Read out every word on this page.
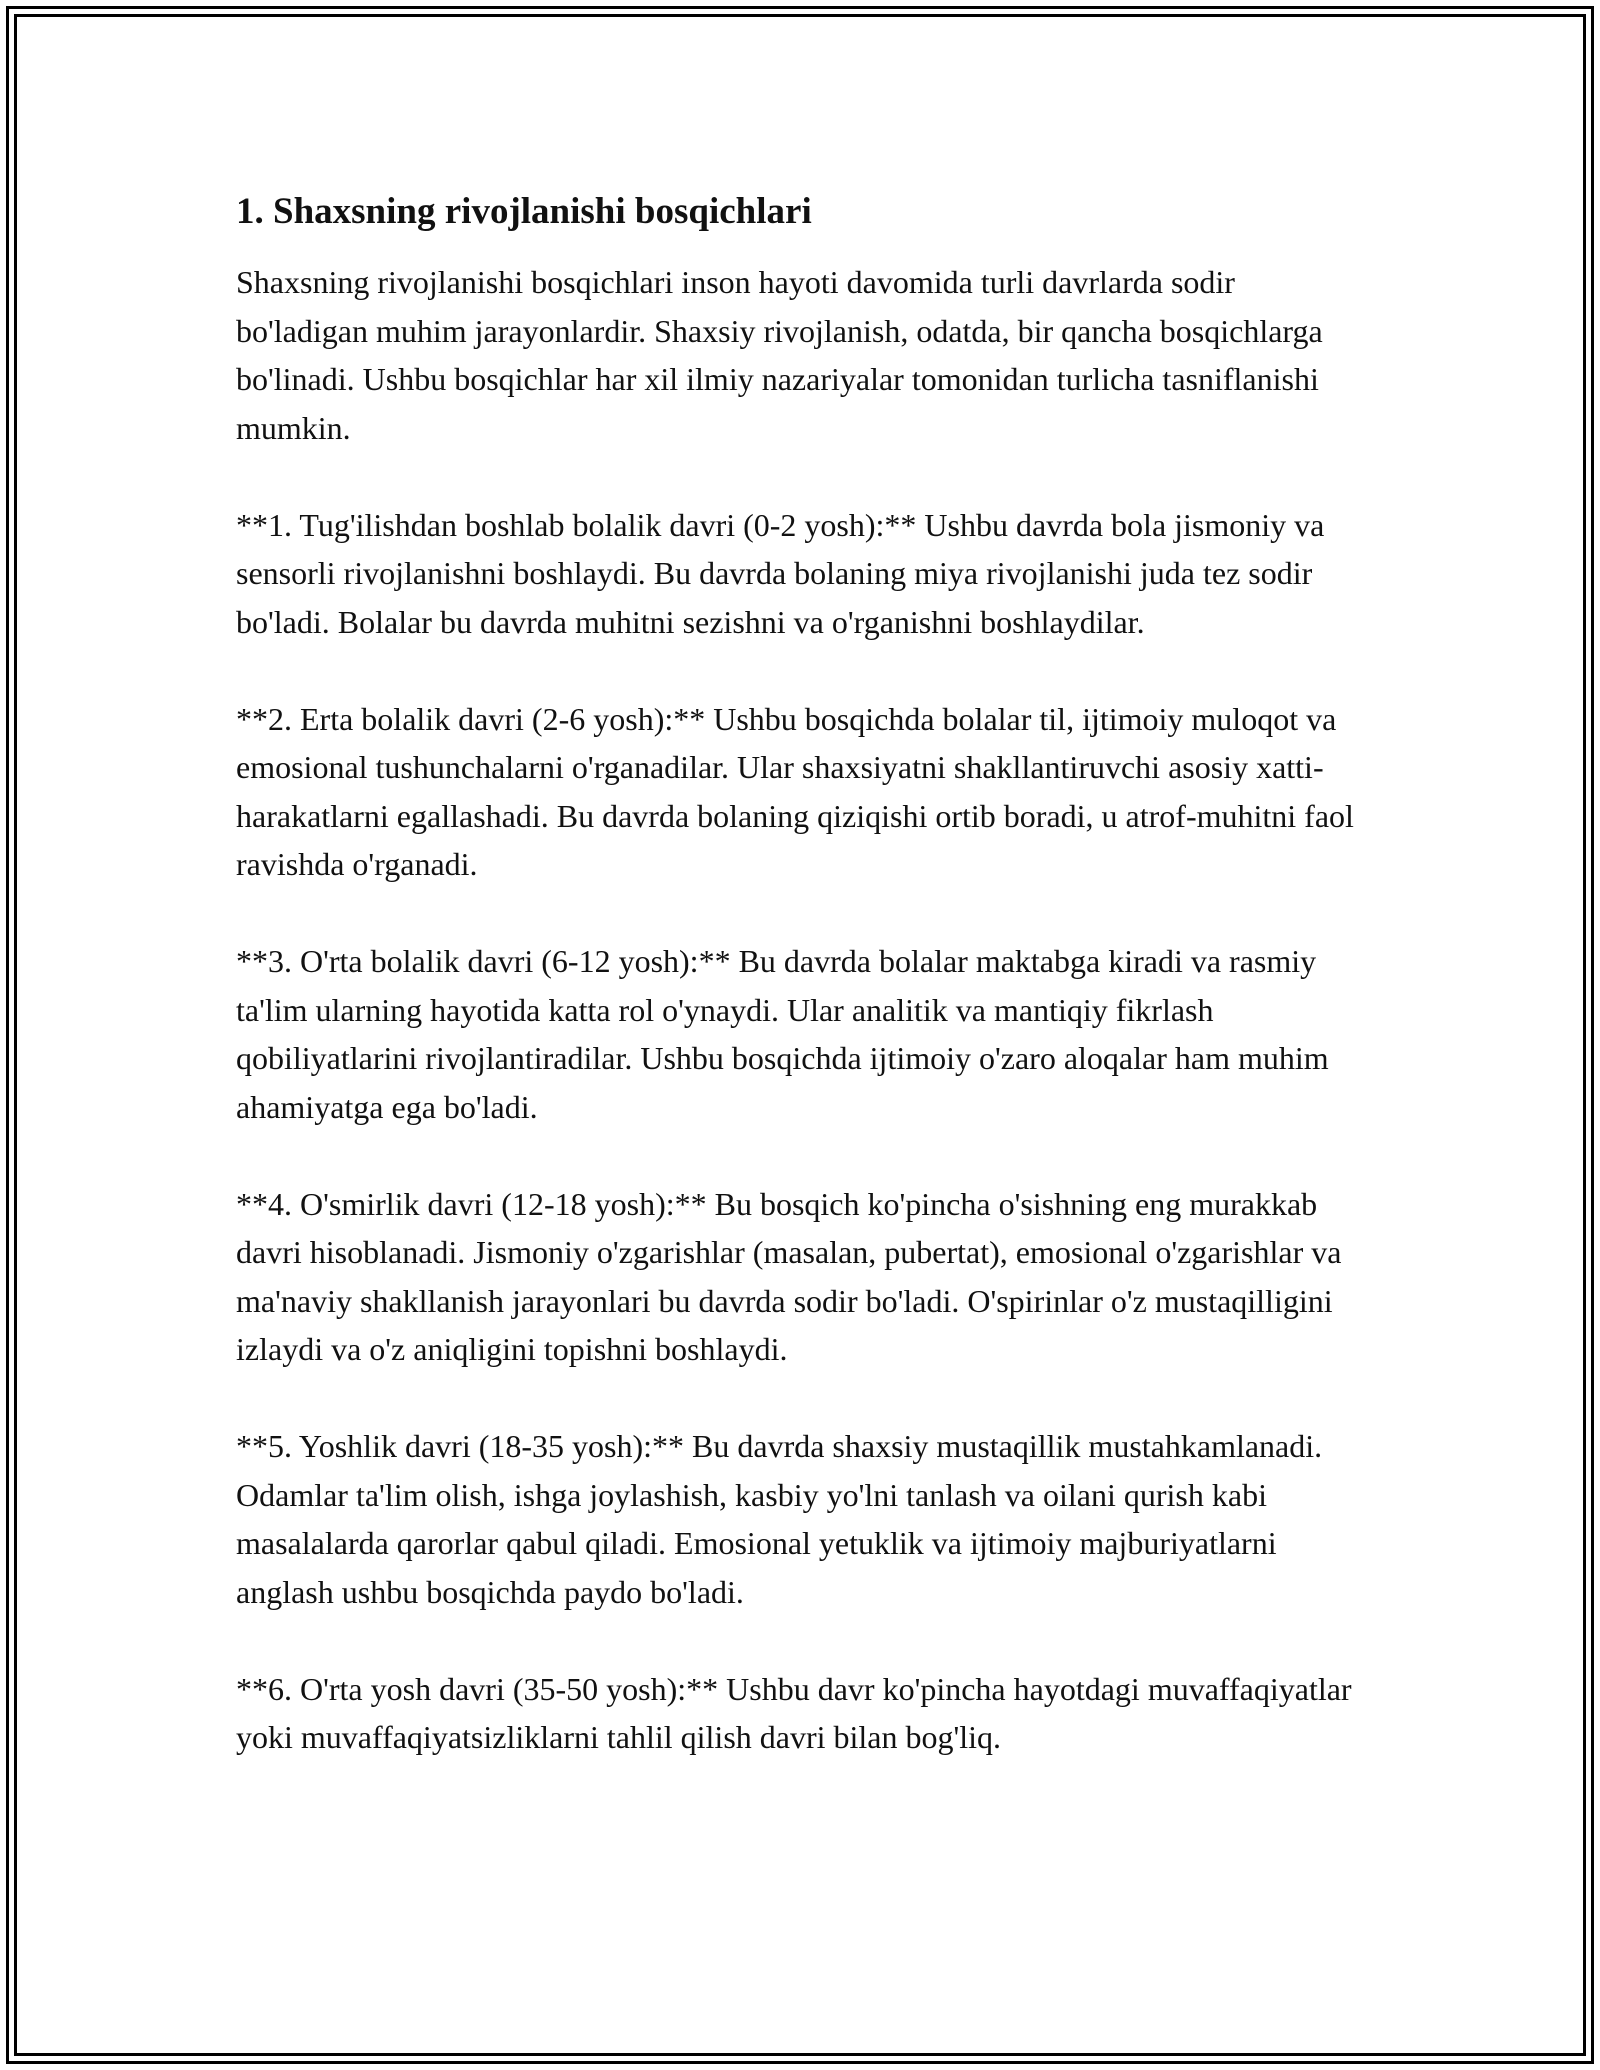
1. Shaxsning rivojlanishi bosqichlari

Shaxsning rivojlanishi bosqichlari inson hayoti davomida turli davrlarda sodir bo'ladigan muhim jarayonlardir. Shaxsiy rivojlanish, odatda, bir qancha bosqichlarga bo'linadi. Ushbu bosqichlar har xil ilmiy nazariyalar tomonidan turlicha tasniflanishi mumkin.

**1. Tug'ilishdan boshlab bolalik davri (0-2 yosh):** Ushbu davrda bola jismoniy va sensorli rivojlanishni boshlaydi. Bu davrda bolaning miya rivojlanishi juda tez sodir bo'ladi. Bolalar bu davrda muhitni sezishni va o'rganishni boshlaydilar.

**2. Erta bolalik davri (2-6 yosh):** Ushbu bosqichda bolalar til, ijtimoiy muloqot va emosional tushunchalarni o'rganadilar. Ular shaxsiyatni shakllantiruvchi asosiy xatti-harakatlarni egallashadi. Bu davrda bolaning qiziqishi ortib boradi, u atrof-muhitni faol ravishda o'rganadi.

**3. O'rta bolalik davri (6-12 yosh):** Bu davrda bolalar maktabga kiradi va rasmiy ta'lim ularning hayotida katta rol o'ynaydi. Ular analitik va mantiqiy fikrlash qobiliyatlarini rivojlantiradilar. Ushbu bosqichda ijtimoiy o'zaro aloqalar ham muhim ahamiyatga ega bo'ladi.

**4. O'smirlik davri (12-18 yosh):** Bu bosqich ko'pincha o'sishning eng murakkab davri hisoblanadi. Jismoniy o'zgarishlar (masalan, pubertat), emosional o'zgarishlar va ma'naviy shakllanish jarayonlari bu davrda sodir bo'ladi. O'spirinlar o'z mustaqilligini izlaydi va o'z aniqligini topishni boshlaydi.

**5. Yoshlik davri (18-35 yosh):** Bu davrda shaxsiy mustaqillik mustahkamlanadi. Odamlar ta'lim olish, ishga joylashish, kasbiy yo'lni tanlash va oilani qurish kabi masalalarda qarorlar qabul qiladi. Emosional yetuklik va ijtimoiy majburiyatlarni anglash ushbu bosqichda paydo bo'ladi.

**6. O'rta yosh davri (35-50 yosh):** Ushbu davr ko'pincha hayotdagi muvaffaqiyatlar yoki muvaffaqiyatsizliklarni tahlil qilish davri bilan bog'liq.
